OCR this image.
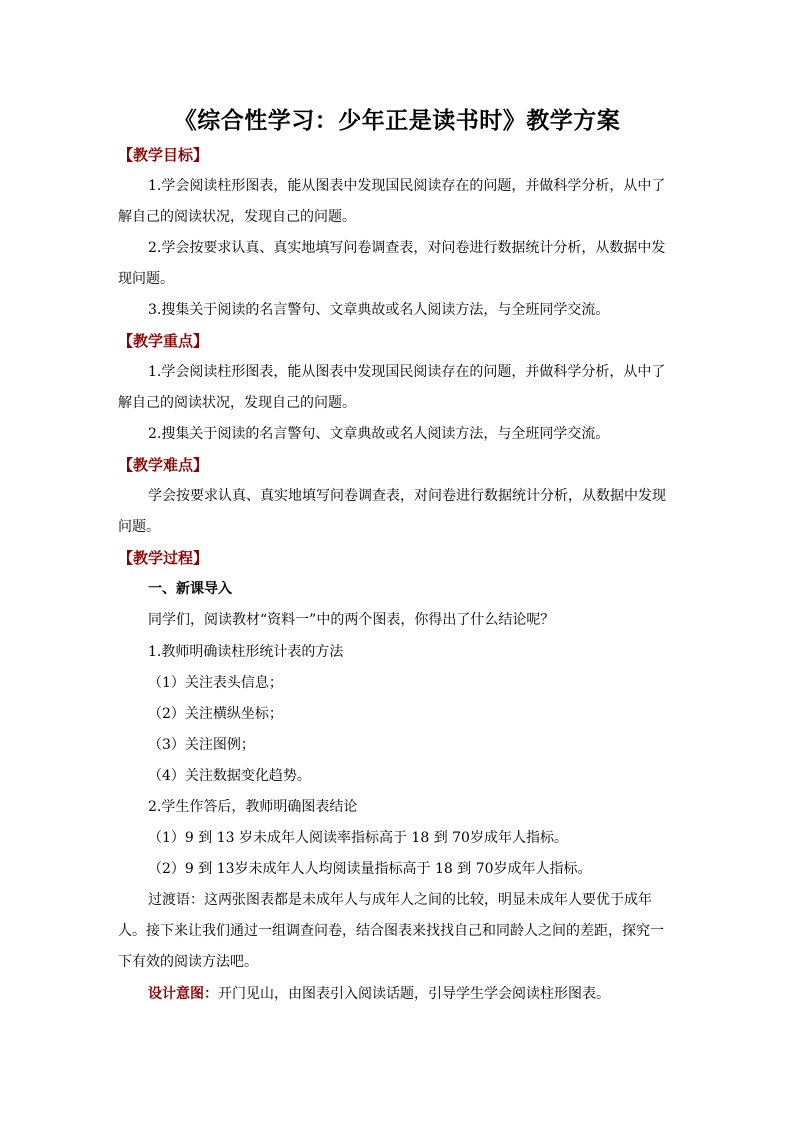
《综合性学习：少年正是读书时》教学方案
【教学目标】
1.学会阅读柱形图表，能从图表中发现国民阅读存在的问题，并做科学分析，从中了
解自己的阅读状况，发现自己的问题。
2.学会按要求认真、真实地填写问卷调查表，对问卷进行数据统计分析，从数据中发
现问题。
3.搜集关于阅读的名言警句、文章典故或名人阅读方法，与全班同学交流。
【教学重点】
1.学会阅读柱形图表，能从图表中发现国民阅读存在的问题，并做科学分析，从中了
解自己的阅读状况，发现自己的问题。
2.搜集关于阅读的名言警句、文章典故或名人阅读方法，与全班同学交流。
【教学难点】
学会按要求认真、真实地填写问卷调查表，对问卷进行数据统计分析，从数据中发现
问题。
【教学过程】
一、新课导入
同学们，阅读教材“资料一”中的两个图表，你得出了什么结论呢？
1.教师明确读柱形统计表的方法
（1）关注表头信息；
（2）关注横纵坐标；
（3）关注图例；
（4）关注数据变化趋势。
2.学生作答后，教师明确图表结论
（1）9 到 13 岁未成年人阅读率指标高于 18 到 70岁成年人指标。
（2）9 到 13岁未成年人人均阅读量指标高于 18 到 70岁成年人指标。
过渡语：这两张图表都是未成年人与成年人之间的比较，明显未成年人要优于成年
人。接下来让我们通过一组调查问卷，结合图表来找找自己和同龄人之间的差距，探究一
下有效的阅读方法吧。
设计意图：开门见山，由图表引入阅读话题，引导学生学会阅读柱形图表。
